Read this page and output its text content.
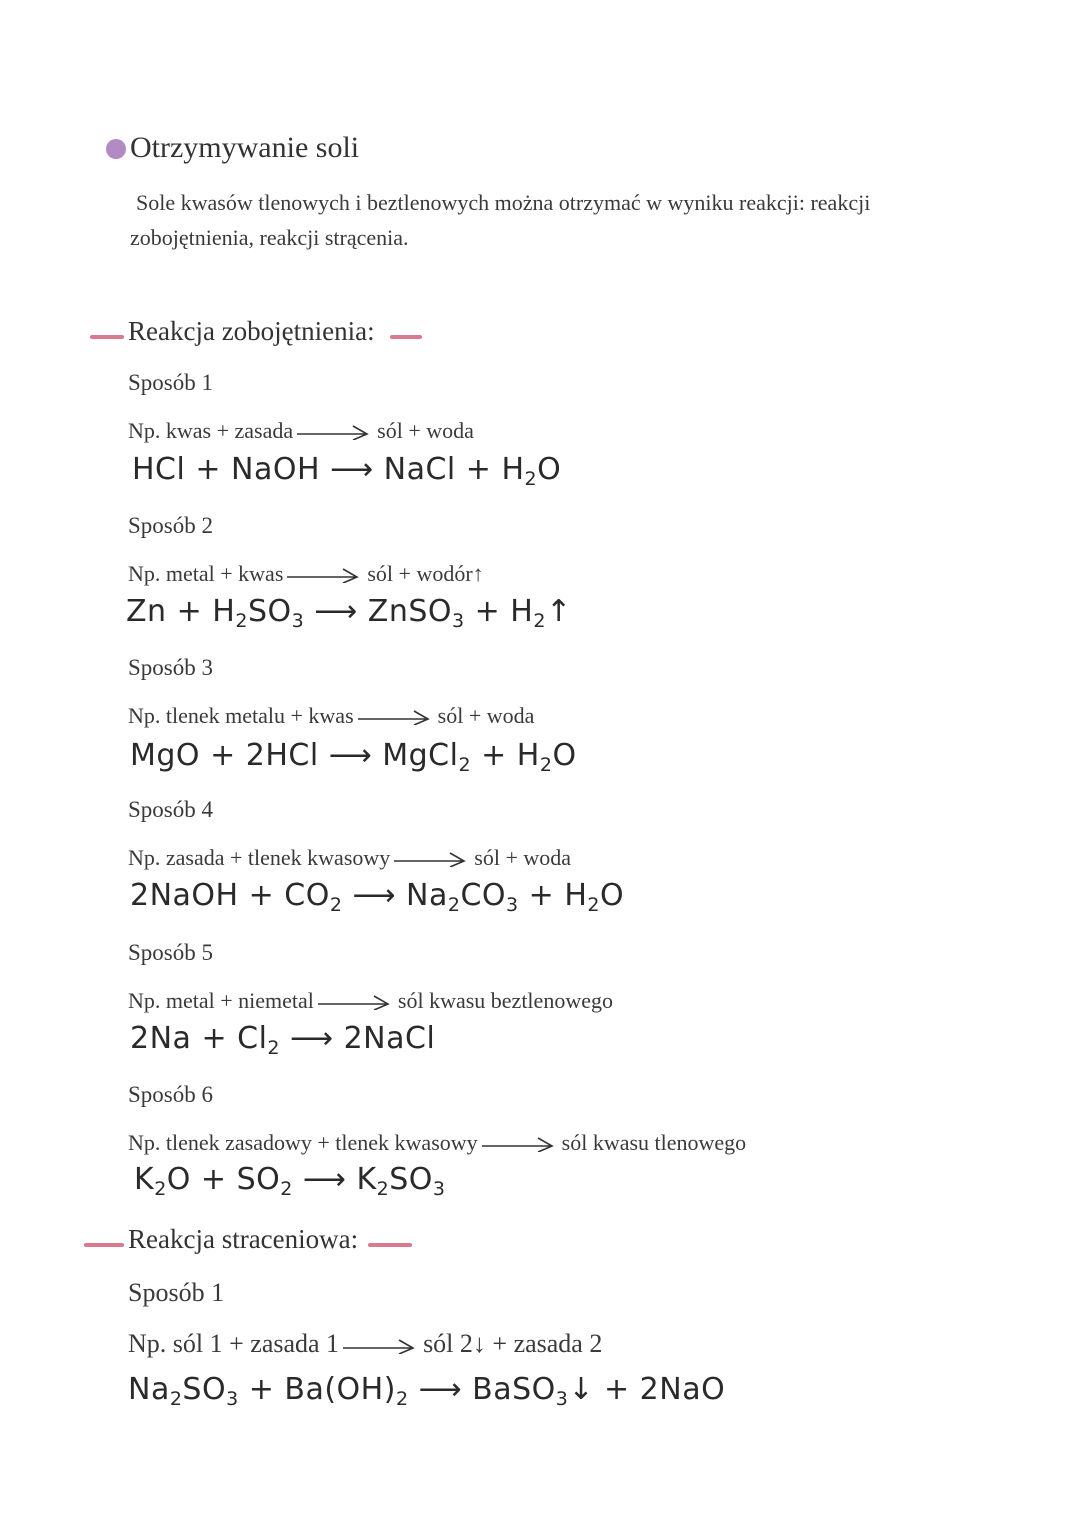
Otrzymywanie soli
Sole kwasów tlenowych i beztlenowych można otrzymać w wyniku reakcji: reakcji zobojętnienia, reakcji strącenia.
Reakcja zobojętnienia:
Sposób 1
Np. kwas + zasada	sól + woda
HCl + NaOH ⟶ NaCl + $H_2O$
Sposób 2
Np. metal + kwas	sól + wodór↑
$Zn + H_2SO_3$ ⟶ ZnSO$_3$ + $H_2↑$
Sposób 3
Np. tlenek metalu + kwas	sól + woda
MgO + 2HCl ⟶ MgCl$_2$ + $H_2O$
Sposób 4
Np. zasada + tlenek kwasowy	sól + woda
2NaOH + $CO_2$ ⟶ $Na_2CO_3 + H_2O$
Sposób 5
Np. metal + niemetal	sól kwasu beztlenowego
$2Na + Cl_2$ ⟶ 2NaCl
Sposób 6
Np. tlenek zasadowy + tlenek kwasowy	sól kwasu tlenowego
$K_2O + SO_2$ ⟶ $K_2SO_3$
Reakcja straceniowa:
Sposób 1
Np. sól 1 + zasada 1	sól 2↓ + zasada 2
$Na_2SO_3 + Ba(OH)_2$ ⟶ BaSO$_3$↓ + 2NaO
